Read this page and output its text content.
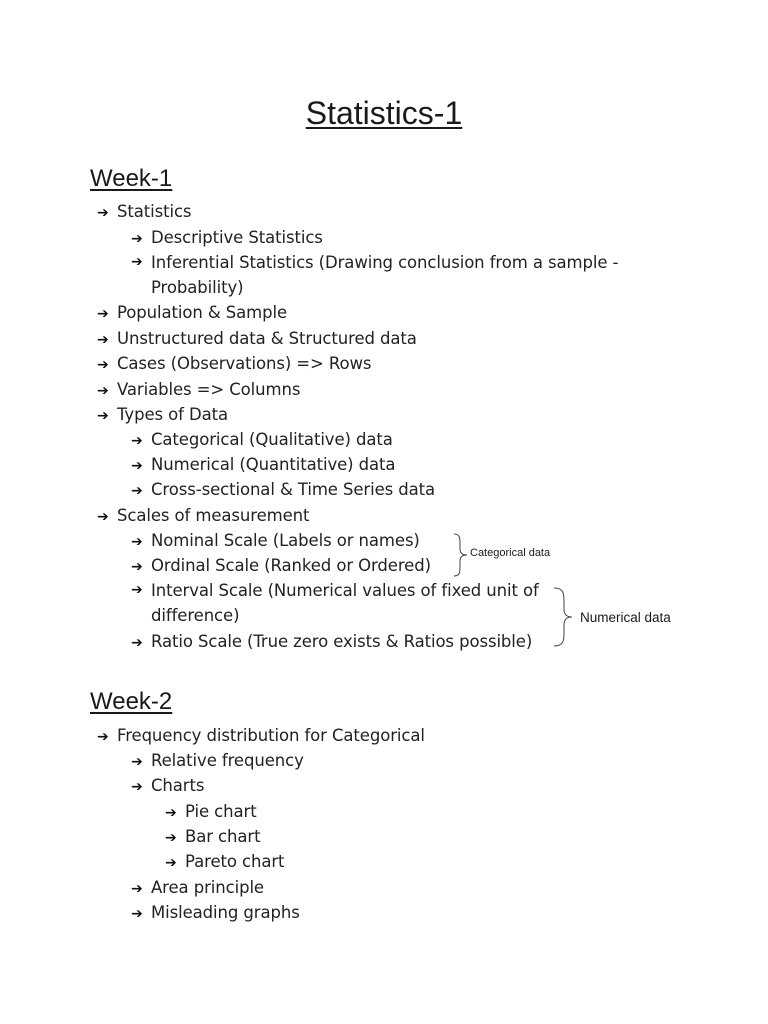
Statistics-1
Week-1
➔ Statistics
➔ Descriptive Statistics
➔ Inferential Statistics (Drawing conclusion from a sample - Probability)
➔ Population & Sample
➔ Unstructured data & Structured data
➔ Cases (Observations) => Rows
➔ Variables => Columns
➔ Types of Data
➔ Categorical (Qualitative) data
➔ Numerical (Quantitative) data
➔ Cross-sectional & Time Series data
➔ Scales of measurement
➔ Nominal Scale (Labels or names)
➔ Ordinal Scale (Ranked or Ordered)
➔ Interval Scale (Numerical values of fixed unit of difference)
➔ Ratio Scale (True zero exists & Ratios possible)
Categorical data
Numerical data
Week-2
➔ Frequency distribution for Categorical
➔ Relative frequency
➔ Charts
➔ Pie chart
➔ Bar chart
➔ Pareto chart
➔ Area principle
➔ Misleading graphs
